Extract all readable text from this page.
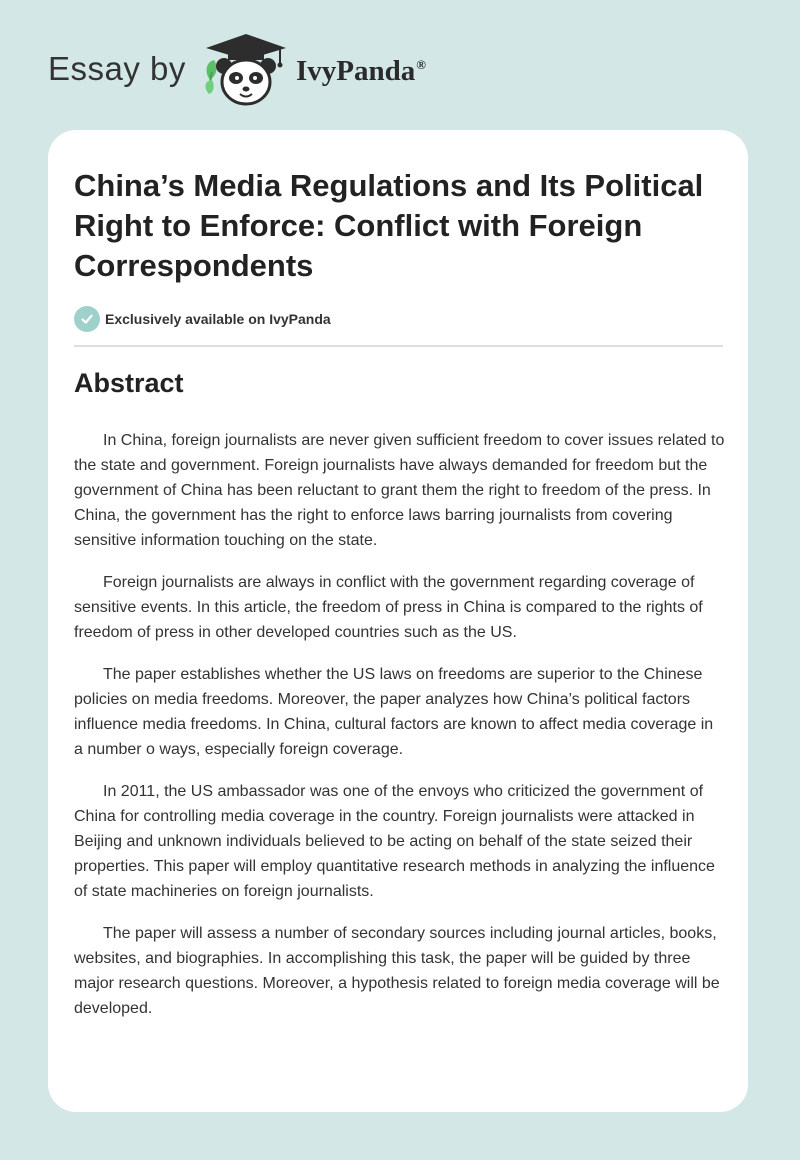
Essay by	IvyPanda®
China’s Media Regulations and Its Political Right to Enforce: Conflict with Foreign Correspondents
Exclusively available on IvyPanda
Abstract

In China, foreign journalists are never given sufficient freedom to cover issues related to the state and government. Foreign journalists have always demanded for freedom but the government of China has been reluctant to grant them the right to freedom of the press. In China, the government has the right to enforce laws barring journalists from covering sensitive information touching on the state.

Foreign journalists are always in conflict with the government regarding coverage of sensitive events. In this article, the freedom of press in China is compared to the rights of freedom of press in other developed countries such as the US.

The paper establishes whether the US laws on freedoms are superior to the Chinese policies on media freedoms. Moreover, the paper analyzes how China’s political factors influence media freedoms. In China, cultural factors are known to affect media coverage in a number o ways, especially foreign coverage.

In 2011, the US ambassador was one of the envoys who criticized the government of China for controlling media coverage in the country. Foreign journalists were attacked in Beijing and unknown individuals believed to be acting on behalf of the state seized their properties. This paper will employ quantitative research methods in analyzing the influence of state machineries on foreign journalists.

The paper will assess a number of secondary sources including journal articles, books, websites, and biographies. In accomplishing this task, the paper will be guided by three major research questions. Moreover, a hypothesis related to foreign media coverage will be developed.
